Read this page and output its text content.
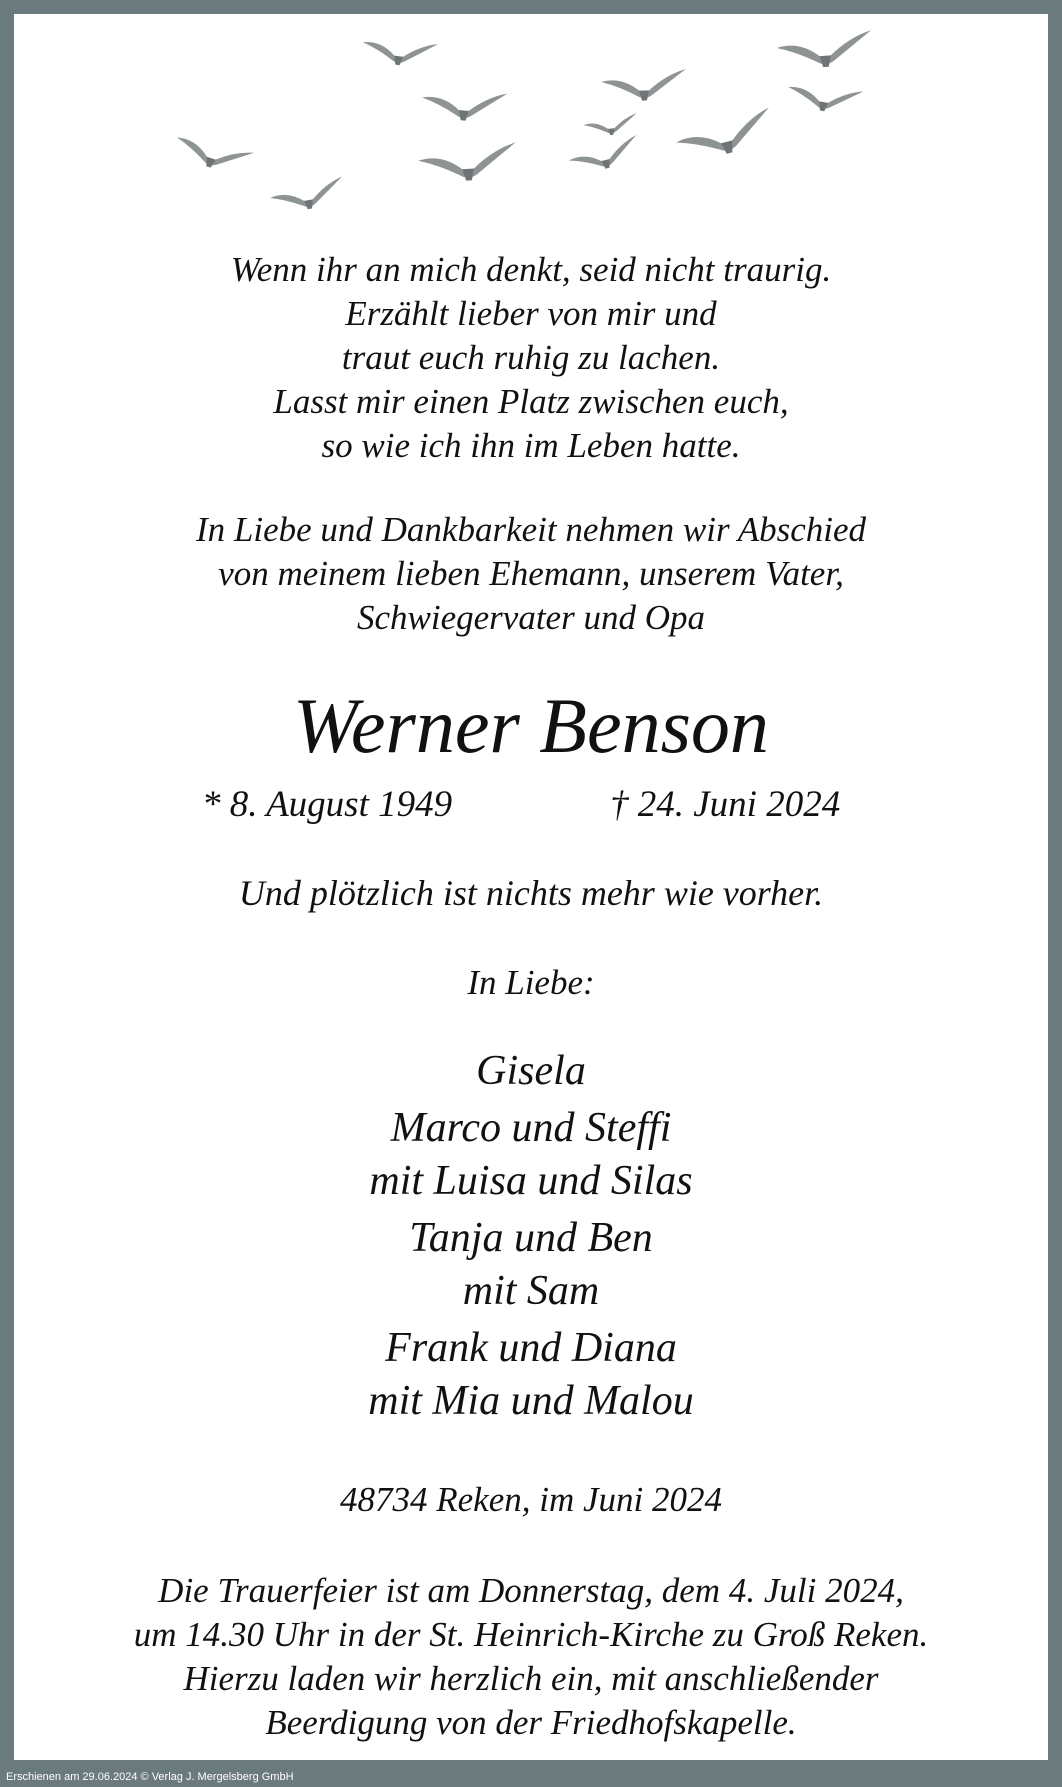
Wenn ihr an mich denkt, seid nicht traurig.
Erzählt lieber von mir und
traut euch ruhig zu lachen.
Lasst mir einen Platz zwischen euch,
so wie ich ihn im Leben hatte.
In Liebe und Dankbarkeit nehmen wir Abschied
von meinem lieben Ehemann, unserem Vater,
Schwiegervater und Opa
Werner Benson
* 8. August 1949	† 24. Juni 2024
Und plötzlich ist nichts mehr wie vorher.
In Liebe:
Gisela
Marco und Steffi
mit Luisa und Silas
Tanja und Ben
mit Sam
Frank und Diana
mit Mia und Malou
48734 Reken, im Juni 2024
Die Trauerfeier ist am Donnerstag, dem 4. Juli 2024,
um 14.30 Uhr in der St. Heinrich-Kirche zu Groß Reken.
Hierzu laden wir herzlich ein, mit anschließender
Beerdigung von der Friedhofskapelle.
Erschienen am 29.06.2024 © Verlag J. Mergelsberg GmbH
